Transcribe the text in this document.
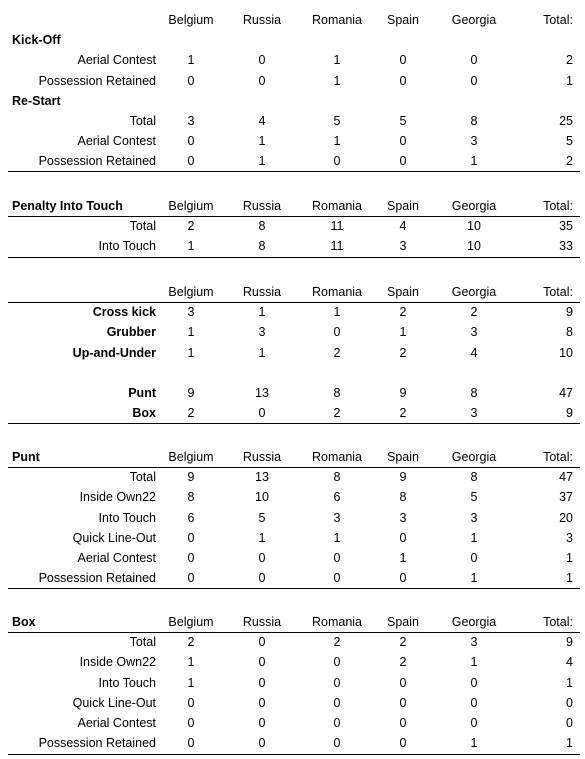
Belgium	Russia	Romania	Spain	Georgia	Total:
Kick-Off
Aerial Contest	1	0	1	0	0	2
Possession Retained	0	0	1	0	0	1
Re-Start
Total	3	4	5	5	8	25
Aerial Contest	0	1	1	0	3	5
Possession Retained	0	1	0	0	1	2
Penalty Into Touch	Belgium	Russia	Romania	Spain	Georgia	Total:
Total	2	8	11	4	10	35
Into Touch	1	8	11	3	10	33
Belgium	Russia	Romania	Spain	Georgia	Total:
Cross kick	3	1	1	2	2	9
Grubber	1	3	0	1	3	8
Up-and-Under	1	1	2	2	4	10
Punt	9	13	8	9	8	47
Box	2	0	2	2	3	9
Punt	Belgium	Russia	Romania	Spain	Georgia	Total:
Total	9	13	8	9	8	47
Inside Own22	8	10	6	8	5	37
Into Touch	6	5	3	3	3	20
Quick Line-Out	0	1	1	0	1	3
Aerial Contest	0	0	0	1	0	1
Possession Retained	0	0	0	0	1	1
Box	Belgium	Russia	Romania	Spain	Georgia	Total:
Total	2	0	2	2	3	9
Inside Own22	1	0	0	2	1	4
Into Touch	1	0	0	0	0	1
Quick Line-Out	0	0	0	0	0	0
Aerial Contest	0	0	0	0	0	0
Possession Retained	0	0	0	0	1	1
